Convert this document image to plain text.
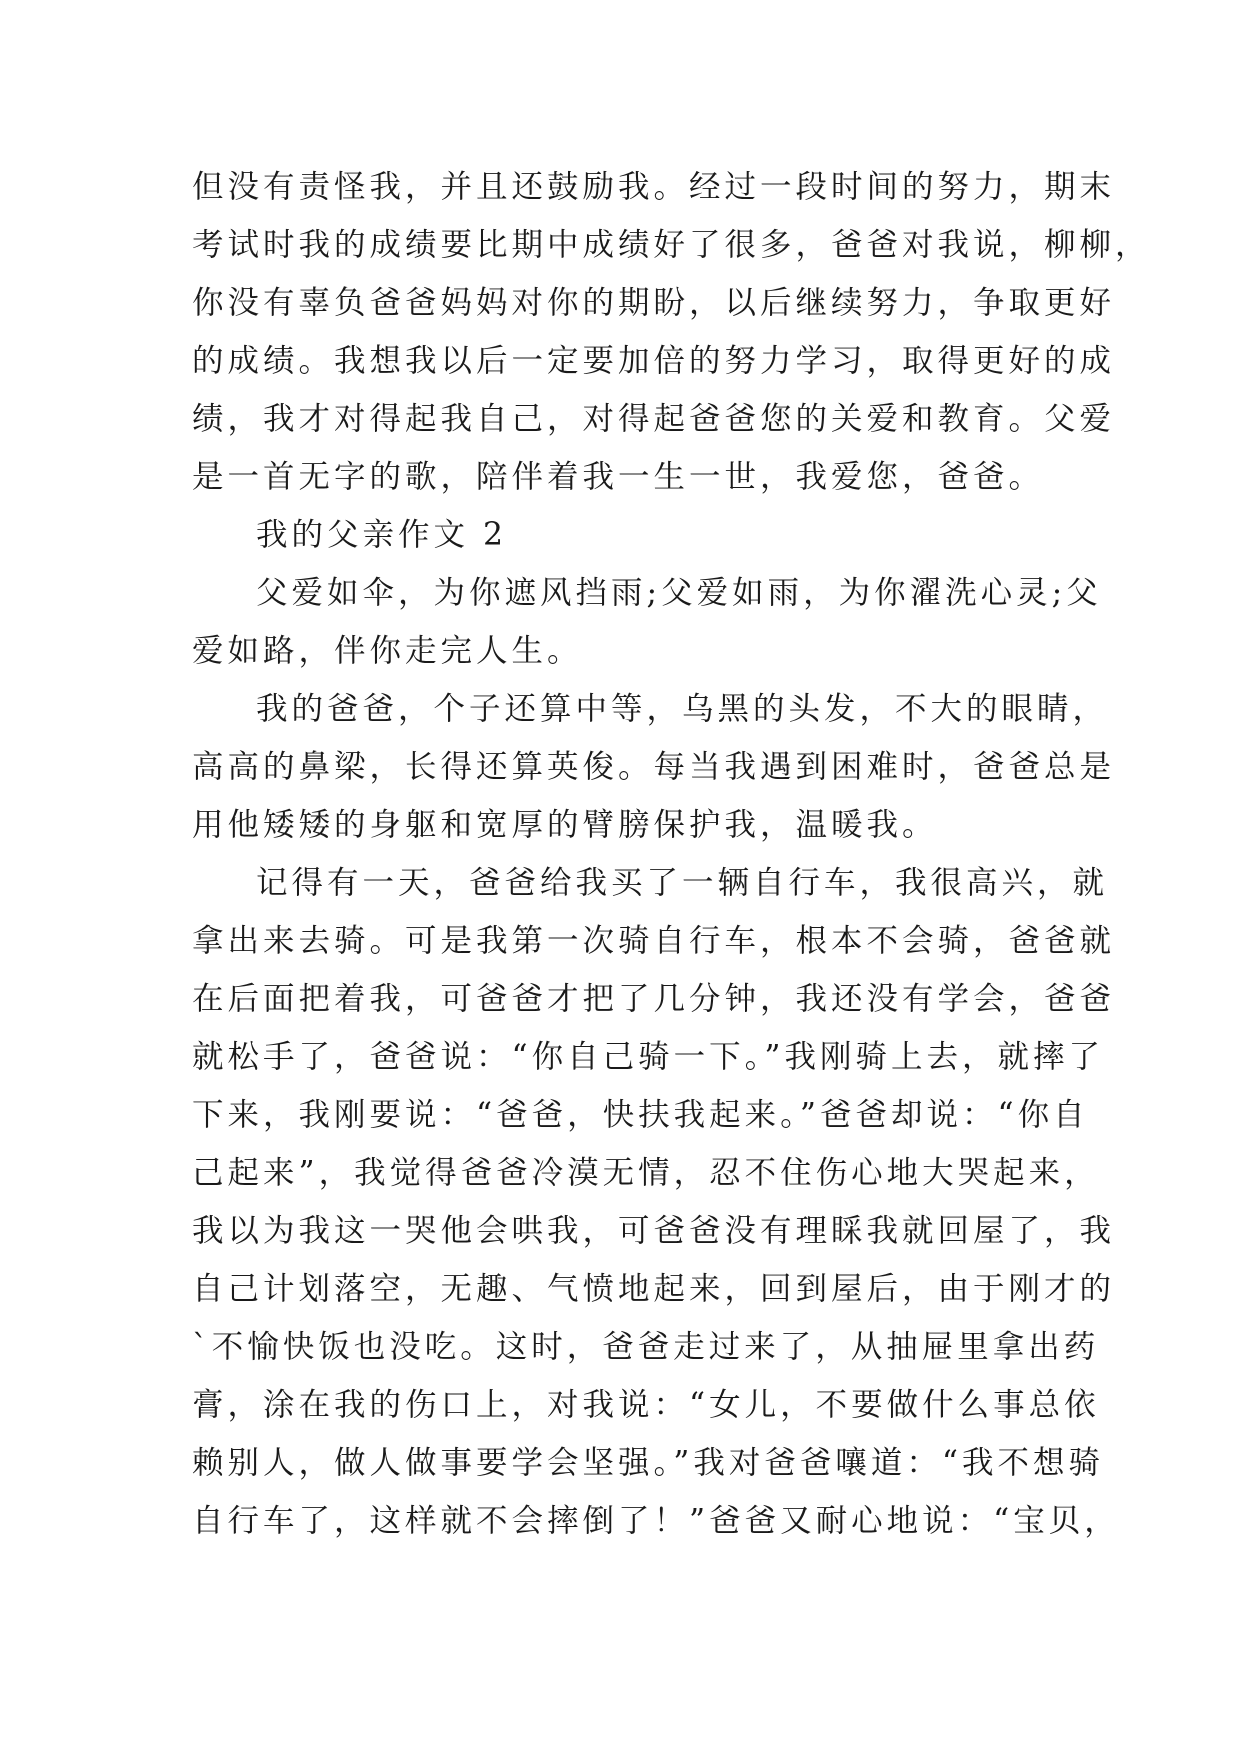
但没有责怪我，并且还鼓励我。经过一段时间的努力，期末
考试时我的成绩要比期中成绩好了很多，爸爸对我说，柳柳，
你没有辜负爸爸妈妈对你的期盼，以后继续努力，争取更好
的成绩。我想我以后一定要加倍的努力学习，取得更好的成
绩，我才对得起我自己，对得起爸爸您的关爱和教育。父爱
是一首无字的歌，陪伴着我一生一世，我爱您，爸爸。
我的父亲作文 2
父爱如伞，为你遮风挡雨;父爱如雨，为你濯洗心灵;父
爱如路，伴你走完人生。
我的爸爸，个子还算中等，乌黑的头发，不大的眼睛，
高高的鼻梁，长得还算英俊。每当我遇到困难时，爸爸总是
用他矮矮的身躯和宽厚的臂膀保护我，温暖我。
记得有一天，爸爸给我买了一辆自行车，我很高兴，就
拿出来去骑。可是我第一次骑自行车，根本不会骑，爸爸就
在后面把着我，可爸爸才把了几分钟，我还没有学会，爸爸
就松手了，爸爸说：“你自己骑一下。”我刚骑上去，就摔了
下来，我刚要说：“爸爸，快扶我起来。”爸爸却说：“你自
己起来”，我觉得爸爸冷漠无情，忍不住伤心地大哭起来，
我以为我这一哭他会哄我，可爸爸没有理睬我就回屋了，我
自己计划落空，无趣、气愤地起来，回到屋后，由于刚才的
`不愉快饭也没吃。这时，爸爸走过来了，从抽屉里拿出药
膏，涂在我的伤口上，对我说：“女儿，不要做什么事总依
赖别人，做人做事要学会坚强。”我对爸爸嚷道：“我不想骑
自行车了，这样就不会摔倒了！”爸爸又耐心地说：“宝贝，
